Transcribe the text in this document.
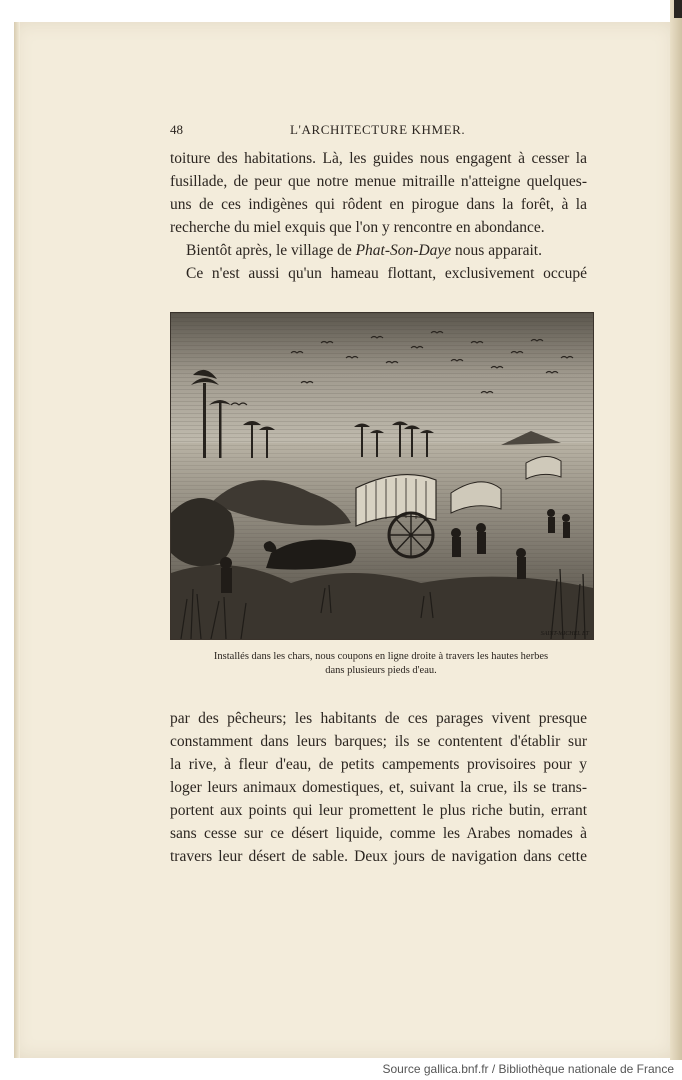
48	L'ARCHITECTURE KHMER.
toiture des habitations. Là, les guides nous engagent à cesser la
fusillade, de peur que notre menue mitraille n'atteigne quelques-
uns de ces indigènes qui rôdent en pirogue dans la forêt, à la
recherche du miel exquis que l'on y rencontre en abondance.
Bientôt après, le village de Phat-Son-Daye nous apparait.
Ce n'est aussi qu'un hameau flottant, exclusivement occupé
SAINT-MICHEL ET
Installés dans les chars, nous coupons en ligne droite à travers les hautes herbes
dans plusieurs pieds d'eau.
par des pêcheurs; les habitants de ces parages vivent presque
constamment dans leurs barques; ils se contentent d'établir sur
la rive, à fleur d'eau, de petits campements provisoires pour y
loger leurs animaux domestiques, et, suivant la crue, ils se trans-
portent aux points qui leur promettent le plus riche butin, errant
sans cesse sur ce désert liquide, comme les Arabes nomades à
travers leur désert de sable. Deux jours de navigation dans cette
Source gallica.bnf.fr / Bibliothèque nationale de France
